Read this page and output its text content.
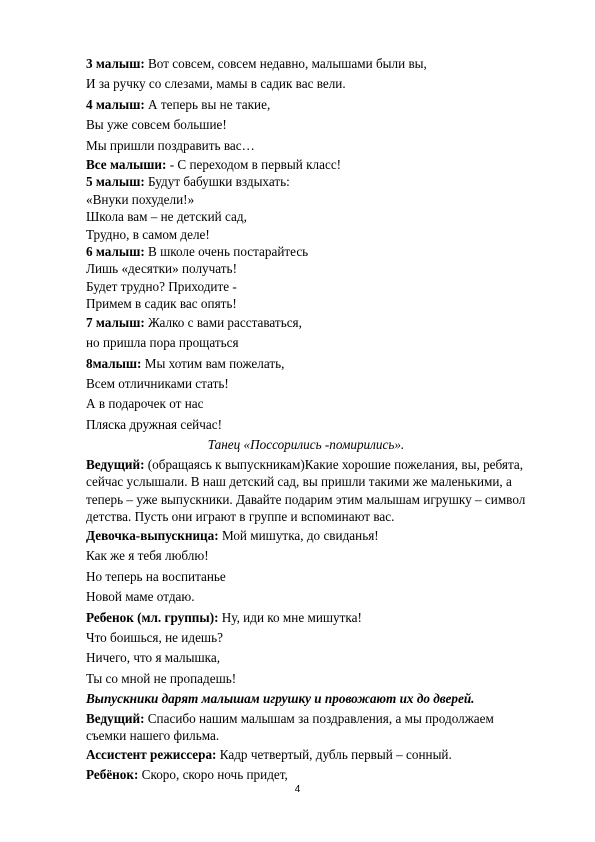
3 малыш: Вот совсем, совсем недавно, малышами были вы,
И за ручку со слезами, мамы в садик вас вели.
4 малыш: А теперь вы не такие,
Вы уже совсем большие!
Мы пришли поздравить вас…
Все малыши: - С переходом в первый класс!
5 малыш: Будут бабушки вздыхать:
«Внуки похудели!»
Школа вам – не детский сад,
Трудно, в самом деле!
6 малыш: В школе очень постарайтесь
Лишь «десятки» получать!
Будет трудно? Приходите -
Примем в садик вас опять!
7 малыш: Жалко с вами расставаться,
но пришла пора прощаться
8малыш: Мы хотим вам пожелать,
Всем отличниками стать!
А в подарочек от нас
Пляска дружная сейчас!
Танец «Поссорились -помирились».
Ведущий: (обращаясь к выпускникам)Какие хорошие пожелания, вы, ребята, сейчас услышали. В наш детский сад, вы пришли такими же маленькими, а теперь – уже выпускники. Давайте подарим этим малышам игрушку – символ детства. Пусть они играют в группе и вспоминают вас.
Девочка-выпускница: Мой мишутка, до свиданья!
Как же я тебя люблю!
Но теперь на воспитанье
Новой маме отдаю.
Ребенок (мл. группы): Ну, иди ко мне мишутка!
Что боишься, не идешь?
Ничего, что я малышка,
Ты со мной не пропадешь!
Выпускники дарят малышам игрушку и провожают их до дверей.
Ведущий: Спасибо нашим малышам за поздравления, а мы продолжаем съемки нашего фильма.
Ассистент режиссера: Кадр четвертый, дубль первый – сонный.
Ребёнок: Скоро, скоро ночь придет,
4
